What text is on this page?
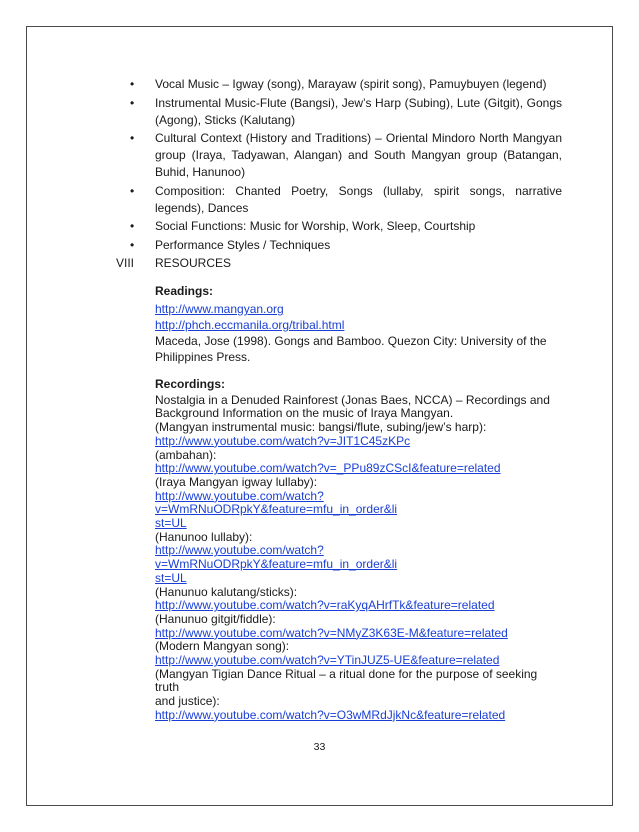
• Vocal Music – Igway (song), Marayaw (spirit song), Pamuybuyen (legend)
• Instrumental Music-Flute (Bangsi), Jew’s Harp (Subing), Lute (Gitgit), Gongs (Agong), Sticks (Kalutang)
• Cultural Context (History and Traditions) – Oriental Mindoro North Mangyan group (Iraya, Tadyawan, Alangan) and South Mangyan group (Batangan, Buhid, Hanunoo)
• Composition: Chanted Poetry, Songs (lullaby, spirit songs, narrative legends), Dances
• Social Functions: Music for Worship, Work, Sleep, Courtship
• Performance Styles / Techniques
VIII RESOURCES
Readings:
http://www.mangyan.org
http://phch.eccmanila.org/tribal.html
Maceda, Jose (1998). Gongs and Bamboo. Quezon City: University of the
Philippines Press.
Recordings:
Nostalgia in a Denuded Rainforest (Jonas Baes, NCCA) – Recordings and
Background Information on the music of Iraya Mangyan.
(Mangyan instrumental music: bangsi/flute, subing/jew’s harp):
http://www.youtube.com/watch?v=JIT1C45zKPc
(ambahan):
http://www.youtube.com/watch?v=_PPu89zCScI&feature=related
(Iraya Mangyan igway lullaby):
http://www.youtube.com/watch?v=WmRNuODRpkY&feature=mfu_in_order&li
st=UL
(Hanunoo lullaby):
http://www.youtube.com/watch?v=WmRNuODRpkY&feature=mfu_in_order&li
st=UL
(Hanunuo kalutang/sticks):
http://www.youtube.com/watch?v=raKyqAHrfTk&feature=related
(Hanunuo gitgit/fiddle):
http://www.youtube.com/watch?v=NMyZ3K63E-M&feature=related
(Modern Mangyan song):
http://www.youtube.com/watch?v=YTinJUZ5-UE&feature=related
(Mangyan Tigian Dance Ritual – a ritual done for the purpose of seeking truth
and justice):
http://www.youtube.com/watch?v=O3wMRdJjkNc&feature=related
33
